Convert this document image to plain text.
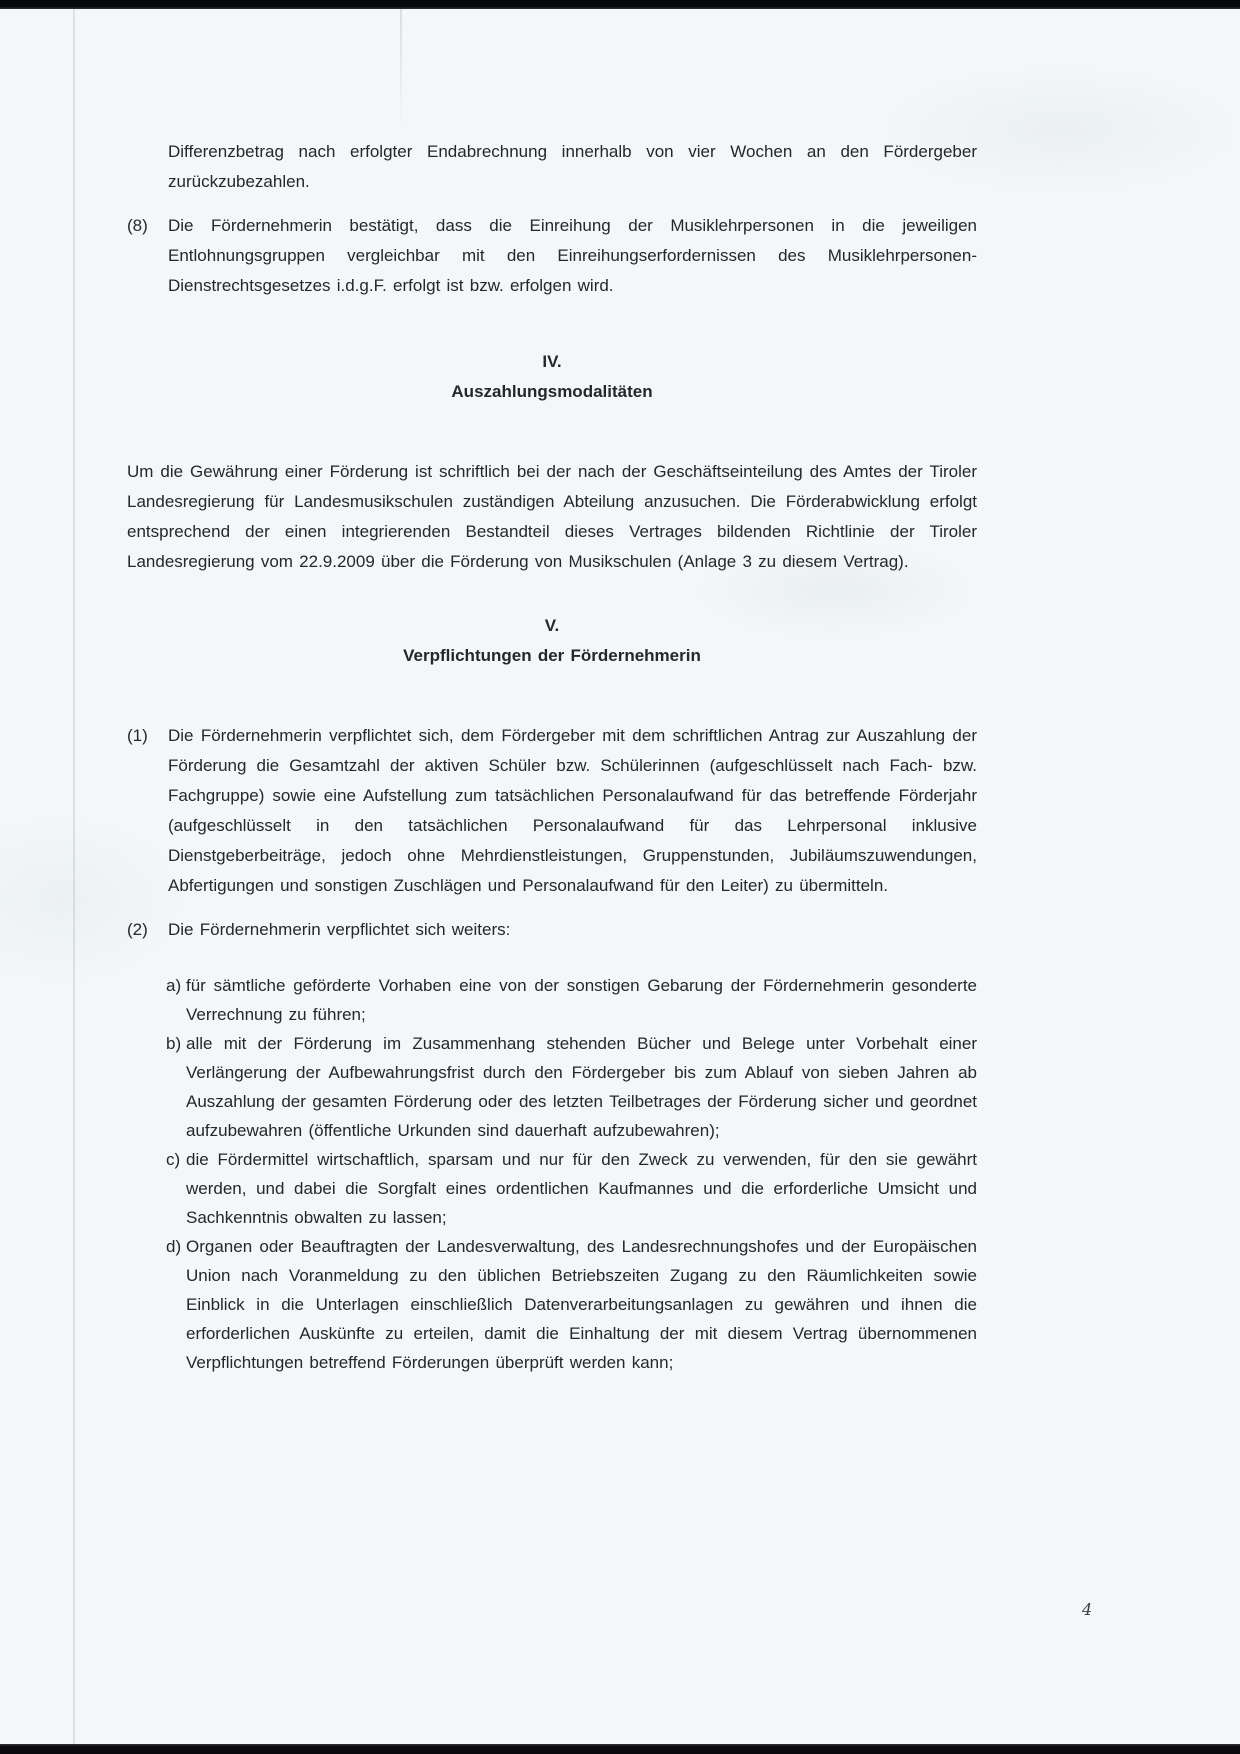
Differenzbetrag nach erfolgter Endabrechnung innerhalb von vier Wochen an den Fördergeber zurückzubezahlen.
(8)	Die Fördernehmerin bestätigt, dass die Einreihung der Musiklehrpersonen in die jeweiligen Entlohnungsgruppen vergleichbar mit den Einreihungserfordernissen des Musiklehrpersonen-Dienstrechtsgesetzes i.d.g.F. erfolgt ist bzw. erfolgen wird.
IV.
Auszahlungsmodalitäten
Um die Gewährung einer Förderung ist schriftlich bei der nach der Geschäftseinteilung des Amtes der Tiroler Landesregierung für Landesmusikschulen zuständigen Abteilung anzusuchen. Die Förderabwicklung erfolgt entsprechend der einen integrierenden Bestandteil dieses Vertrages bildenden Richtlinie der Tiroler Landesregierung vom 22.9.2009 über die Förderung von Musikschulen (Anlage 3 zu diesem Vertrag).
V.
Verpflichtungen der Fördernehmerin
(1)	Die Fördernehmerin verpflichtet sich, dem Fördergeber mit dem schriftlichen Antrag zur Auszahlung der Förderung die Gesamtzahl der aktiven Schüler bzw. Schülerinnen (aufgeschlüsselt nach Fach- bzw. Fachgruppe) sowie eine Aufstellung zum tatsächlichen Personalaufwand für das betreffende Förderjahr (aufgeschlüsselt in den tatsächlichen Personalaufwand für das Lehrpersonal inklusive Dienstgeberbeiträge, jedoch ohne Mehrdienstleistungen, Gruppenstunden, Jubiläumszuwendungen, Abfertigungen und sonstigen Zuschlägen und Personalaufwand für den Leiter) zu übermitteln.
(2)	Die Fördernehmerin verpflichtet sich weiters:
a) für sämtliche geförderte Vorhaben eine von der sonstigen Gebarung der Fördernehmerin gesonderte Verrechnung zu führen;
b) alle mit der Förderung im Zusammenhang stehenden Bücher und Belege unter Vorbehalt einer Verlängerung der Aufbewahrungsfrist durch den Fördergeber bis zum Ablauf von sieben Jahren ab Auszahlung der gesamten Förderung oder des letzten Teilbetrages der Förderung sicher und geordnet aufzubewahren (öffentliche Urkunden sind dauerhaft aufzubewahren);
c) die Fördermittel wirtschaftlich, sparsam und nur für den Zweck zu verwenden, für den sie gewährt werden, und dabei die Sorgfalt eines ordentlichen Kaufmannes und die erforderliche Umsicht und Sachkenntnis obwalten zu lassen;
d) Organen oder Beauftragten der Landesverwaltung, des Landesrechnungshofes und der Europäischen Union nach Voranmeldung zu den üblichen Betriebszeiten Zugang zu den Räumlichkeiten sowie Einblick in die Unterlagen einschließlich Datenverarbeitungsanlagen zu gewähren und ihnen die erforderlichen Auskünfte zu erteilen, damit die Einhaltung der mit diesem Vertrag übernommenen Verpflichtungen betreffend Förderungen überprüft werden kann;
4
